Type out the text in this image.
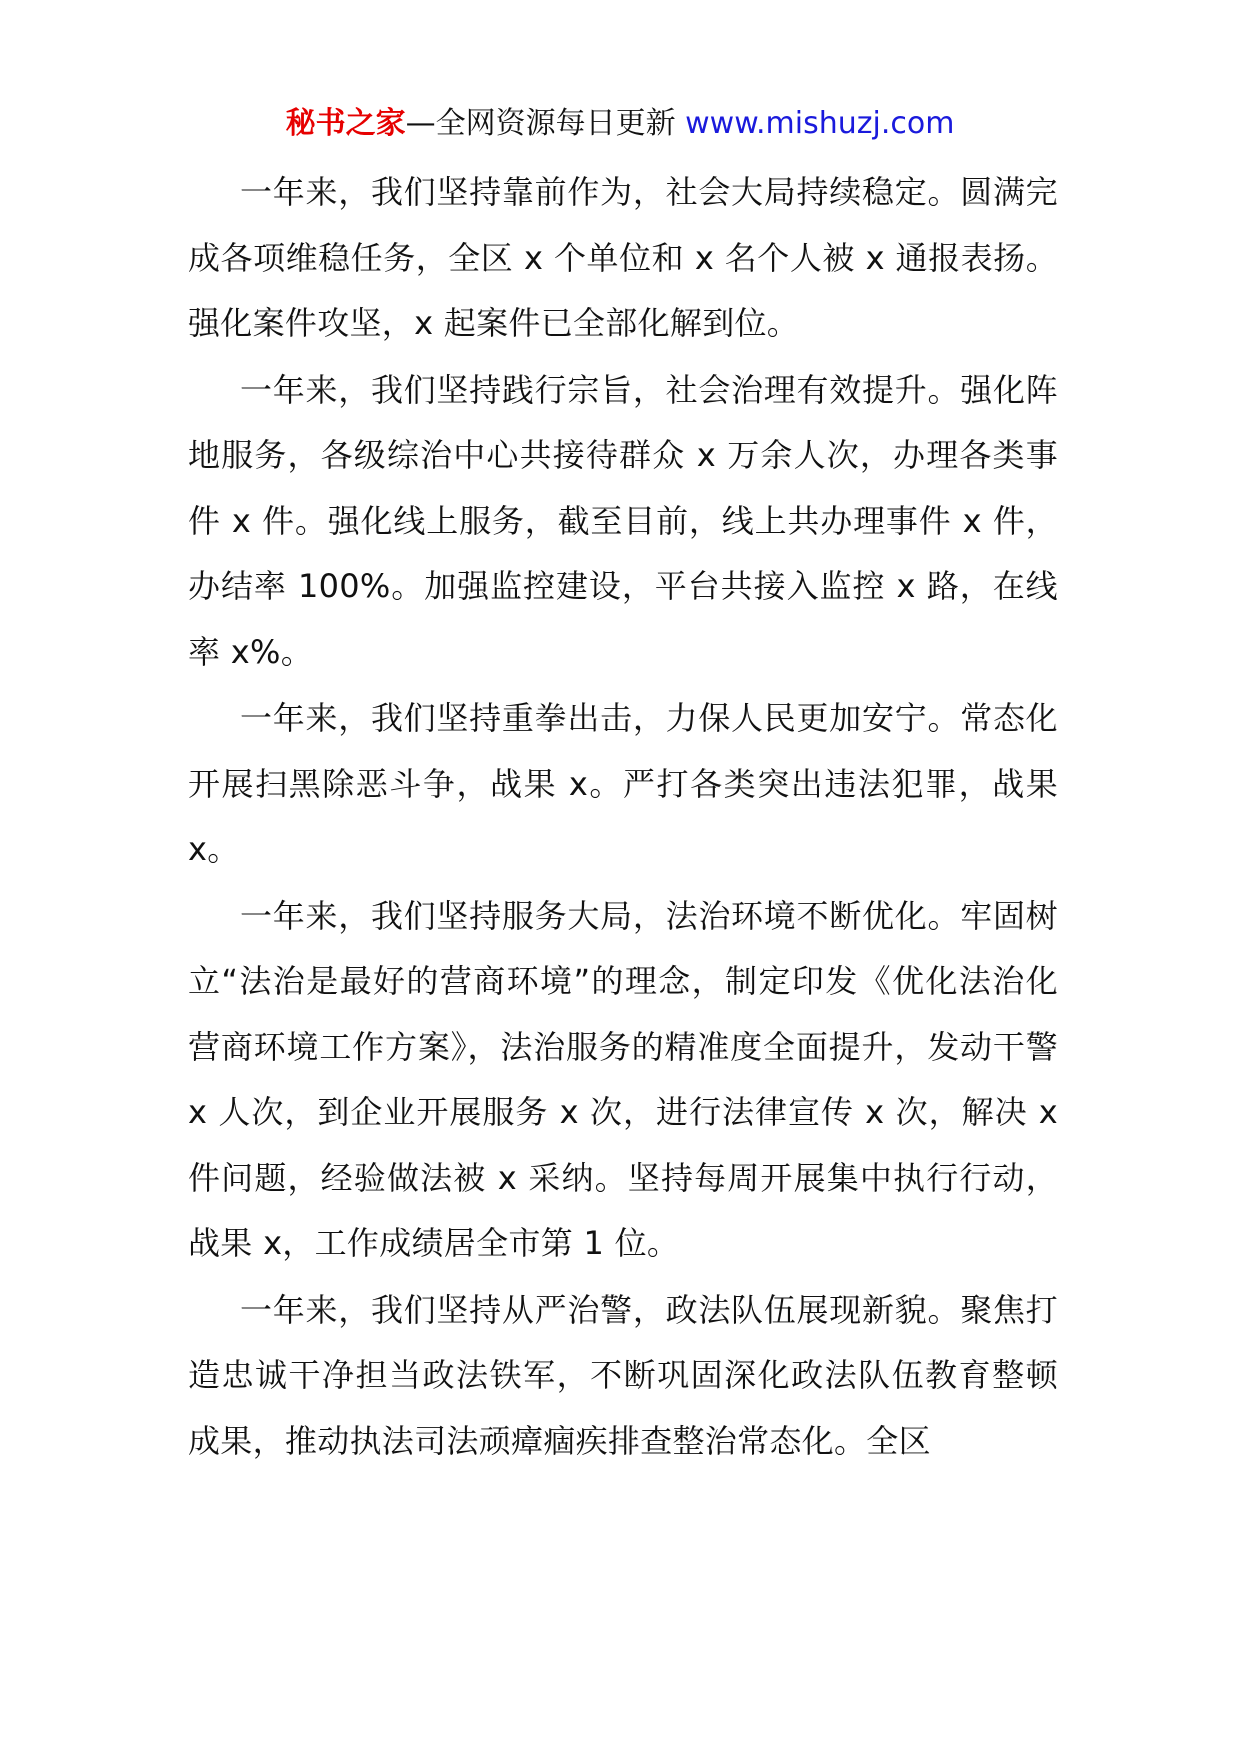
秘书之家—全网资源每日更新 www.mishuzj.com

一年来，我们坚持靠前作为，社会大局持续稳定。圆满完成各项维稳任务，全区 x 个单位和 x 名个人被 x 通报表扬。强化案件攻坚，x 起案件已全部化解到位。

一年来，我们坚持践行宗旨，社会治理有效提升。强化阵地服务，各级综治中心共接待群众 x 万余人次，办理各类事件 x 件。强化线上服务，截至目前，线上共办理事件 x 件，办结率 100%。加强监控建设，平台共接入监控 x 路，在线率 x%。

一年来，我们坚持重拳出击，力保人民更加安宁。常态化开展扫黑除恶斗争，战果 x。严打各类突出违法犯罪，战果 x。

一年来，我们坚持服务大局，法治环境不断优化。牢固树立“法治是最好的营商环境”的理念，制定印发《优化法治化营商环境工作方案》，法治服务的精准度全面提升，发动干警 x 人次，到企业开展服务 x 次，进行法律宣传 x 次，解决 x 件问题，经验做法被 x 采纳。坚持每周开展集中执行行动，战果 x，工作成绩居全市第 1 位。

一年来，我们坚持从严治警，政法队伍展现新貌。聚焦打造忠诚干净担当政法铁军，不断巩固深化政法队伍教育整顿成果，推动执法司法顽瘴痼疾排查整治常态化。全区
